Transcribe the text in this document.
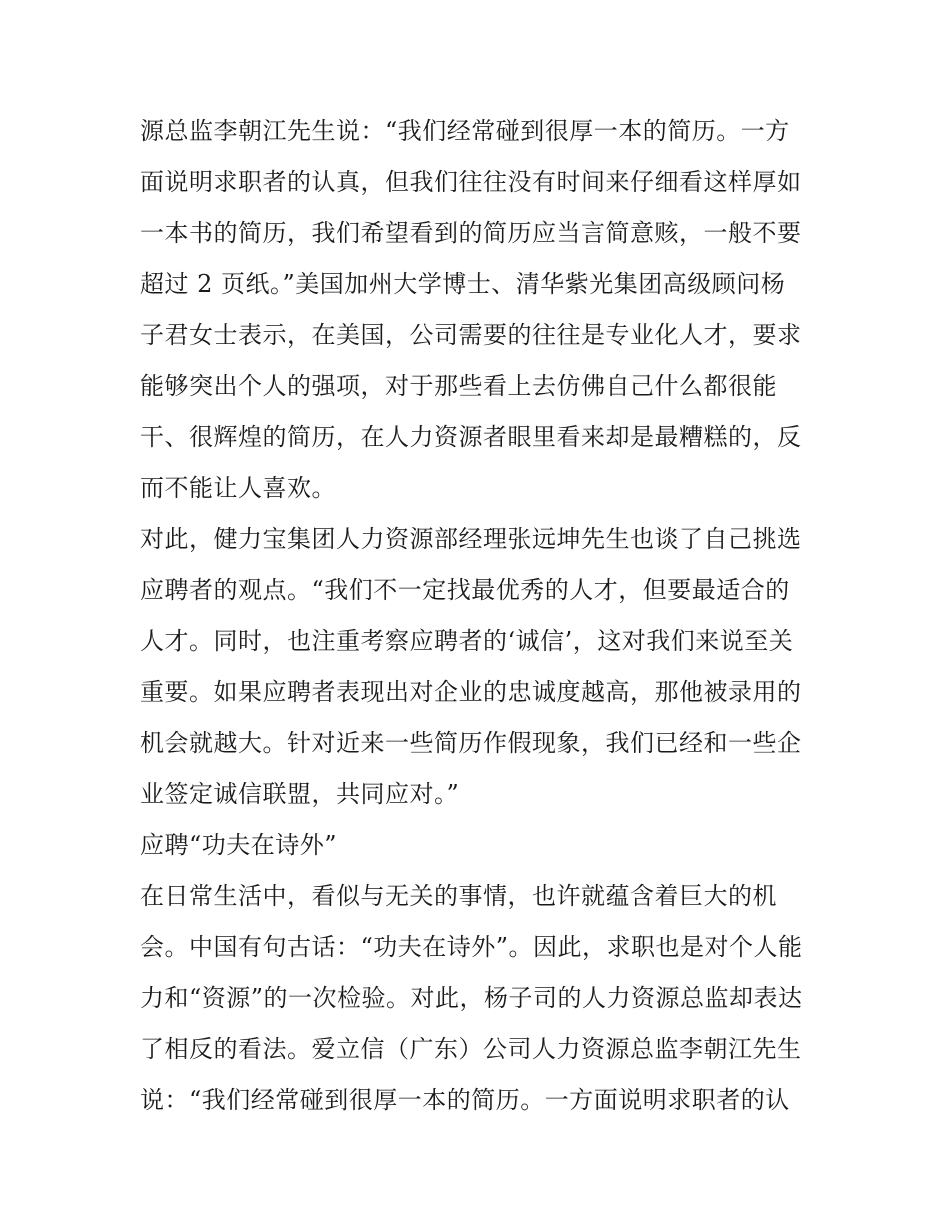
源总监李朝江先生说：“我们经常碰到很厚一本的简历。一方
面说明求职者的认真，但我们往往没有时间来仔细看这样厚如
一本书的简历，我们希望看到的简历应当言简意赅，一般不要
超过 2 页纸。”美国加州大学博士、清华紫光集团高级顾问杨
子君女士表示，在美国，公司需要的往往是专业化人才，要求
能够突出个人的强项，对于那些看上去仿佛自己什么都很能
干、很辉煌的简历，在人力资源者眼里看来却是最糟糕的，反
而不能让人喜欢。
对此，健力宝集团人力资源部经理张远坤先生也谈了自己挑选
应聘者的观点。“我们不一定找最优秀的人才，但要最适合的
人才。同时，也注重考察应聘者的‘诚信’，这对我们来说至关
重要。如果应聘者表现出对企业的忠诚度越高，那他被录用的
机会就越大。针对近来一些简历作假现象，我们已经和一些企
业签定诚信联盟，共同应对。”
应聘“功夫在诗外”
在日常生活中，看似与无关的事情，也许就蕴含着巨大的机
会。中国有句古话：“功夫在诗外”。因此，求职也是对个人能
力和“资源”的一次检验。对此，杨子司的人力资源总监却表达
了相反的看法。爱立信（广东）公司人力资源总监李朝江先生
说：“我们经常碰到很厚一本的简历。一方面说明求职者的认
